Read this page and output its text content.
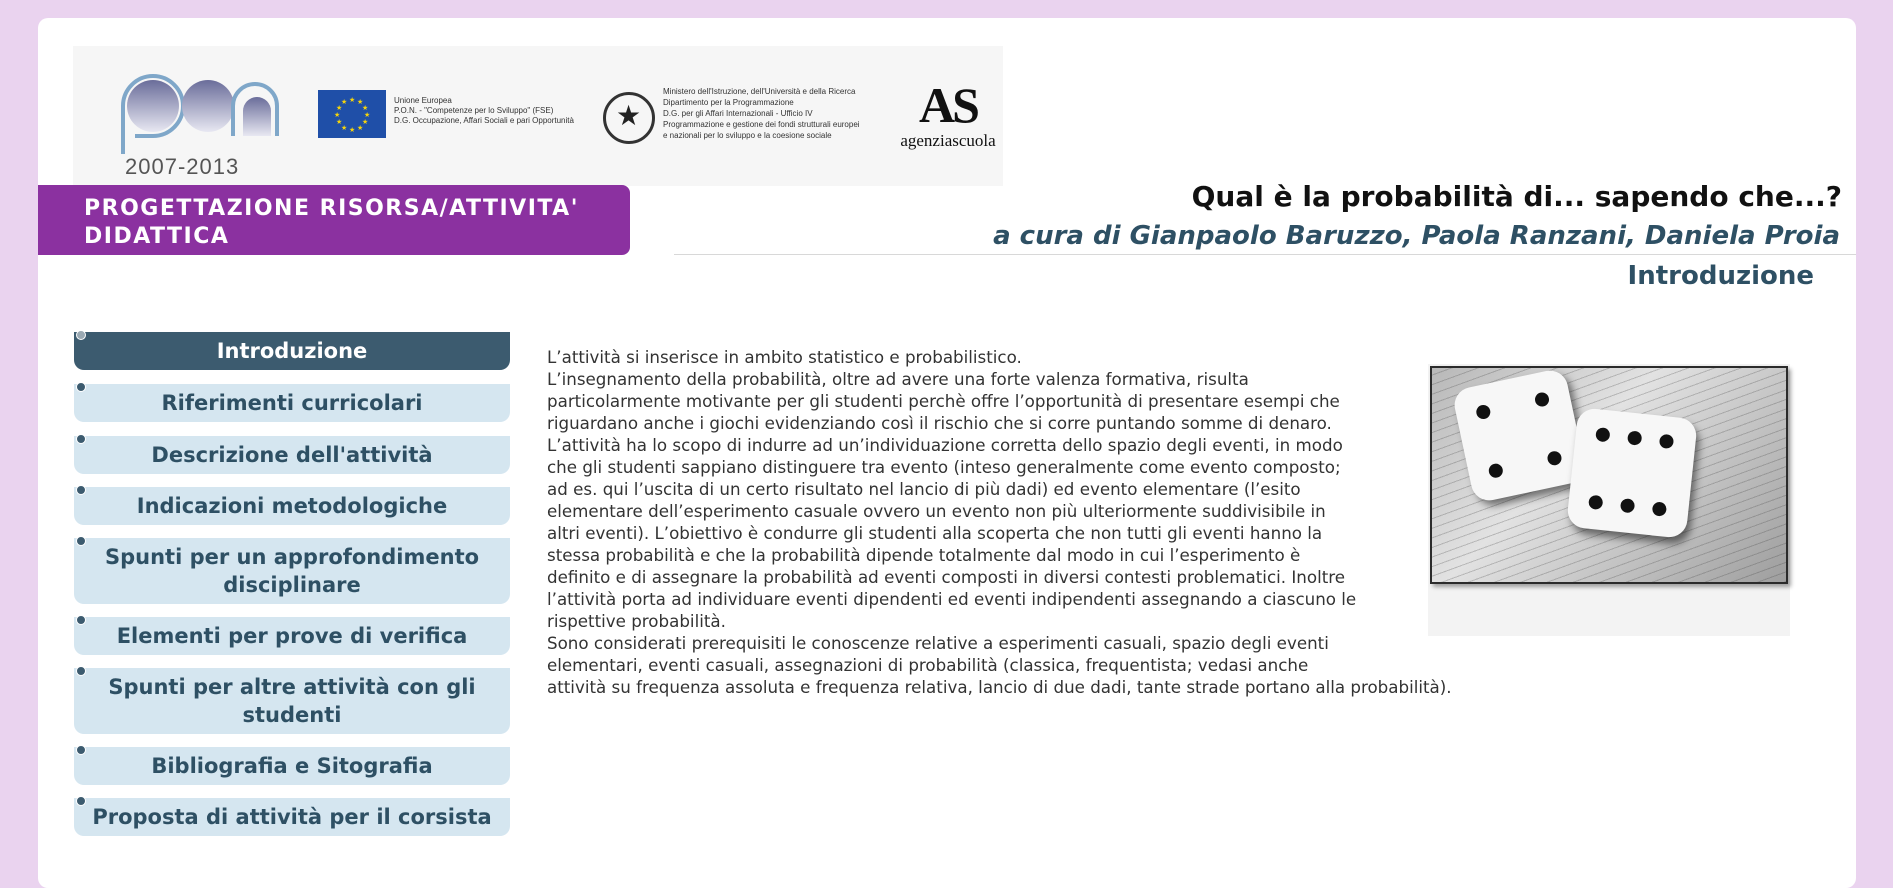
2007-2013
★ ★
★
★
★
★
★
★
★
★
★
★	Unione Europea
P.O.N. - "Competenze per lo Sviluppo" (FSE)
D.G. Occupazione, Affari Sociali e pari Opportunità
★
Ministero dell'Istruzione, dell'Università e della Ricerca
Dipartimento per la Programmazione
D.G. per gli Affari Internazionali - Ufficio IV
Programmazione e gestione dei fondi strutturali europei
e nazionali per lo sviluppo e la coesione sociale
AS
agenziascuola
PROGETTAZIONE RISORSA/ATTIVITA' DIDATTICA
Qual è la probabilità di... sapendo che...?
a cura di Gianpaolo Baruzzo, Paola Ranzani, Daniela Proia
Introduzione
Introduzione
Riferimenti curricolari
Descrizione dell'attività
Indicazioni metodologiche
Spunti per un approfondimento disciplinare
Elementi per prove di verifica
Spunti per altre attività con gli studenti
Bibliografia e Sitografia
Proposta di attività per il corsista
L’attività si inserisce in ambito statistico e probabilistico.
L’insegnamento della probabilità, oltre ad avere una forte valenza formativa, risulta
particolarmente motivante per gli studenti perchè offre l’opportunità di presentare esempi che
riguardano anche i giochi evidenziando così il rischio che si corre puntando somme di denaro.
L’attività ha lo scopo di indurre ad un’individuazione corretta dello spazio degli eventi, in modo
che gli studenti sappiano distinguere tra evento (inteso generalmente come evento composto;
ad es. qui l’uscita di un certo risultato nel lancio di più dadi) ed evento elementare (l’esito
elementare dell’esperimento casuale ovvero un evento non più ulteriormente suddivisibile in
altri eventi). L’obiettivo è condurre gli studenti alla scoperta che non tutti gli eventi hanno la
stessa probabilità e che la probabilità dipende totalmente dal modo in cui l’esperimento è
definito e di assegnare la probabilità ad eventi composti in diversi contesti problematici. Inoltre
l’attività porta ad individuare eventi dipendenti ed eventi indipendenti assegnando a ciascuno le
rispettive probabilità.
Sono considerati prerequisiti le conoscenze relative a esperimenti casuali, spazio degli eventi
elementari, eventi casuali, assegnazioni di probabilità (classica, frequentista; vedasi anche
attività su frequenza assoluta e frequenza relativa, lancio di due dadi, tante strade portano alla probabilità).
